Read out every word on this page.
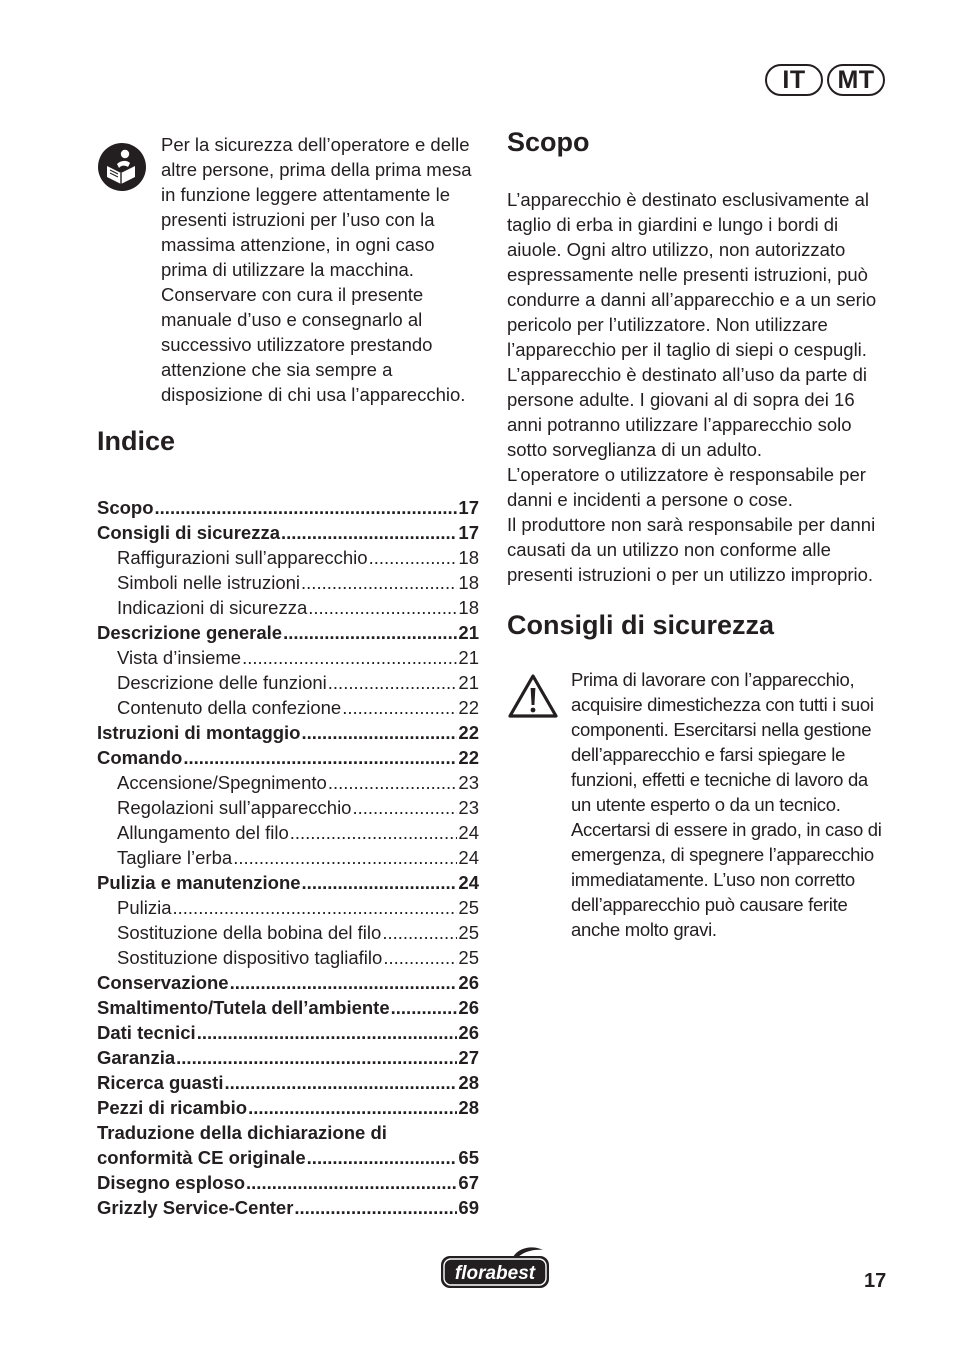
IT	MT
Per la sicurezza dell’operatore e delle altre persone, prima della prima mesa in funzione leggere attentamente le presenti istruzioni per l’uso con la massima attenzione, in ogni caso prima di utilizzare la macchina. Conservare con cura il presente manuale d’uso e consegnarlo al successivo utilizzatore prestando attenzione che sia sempre a disposizione di chi usa l’apparecchio.
Indice
Scopo .....	17
Consigli di sicurezza .....	17
Raffigurazioni sull’apparecchio .....	18
Simboli nelle istruzioni .....	18
Indicazioni di sicurezza .....	18
Descrizione generale .....	21
Vista d’insieme .....	21
Descrizione delle funzioni .....	21
Contenuto della confezione .....	22
Istruzioni di montaggio .....	22
Comando .....	22
Accensione/Spegnimento .....	23
Regolazioni sull’apparecchio .....	23
Allungamento del filo .....	24
Tagliare l’erba .....	24
Pulizia e manutenzione .....	24
Pulizia .....	25
Sostituzione della bobina del filo .....	25
Sostituzione dispositivo tagliafilo .....	25
Conservazione .....	26
Smaltimento/Tutela dell’ambiente .....	26
Dati tecnici .....	26
Garanzia .....	27
Ricerca guasti .....	28
Pezzi di ricambio .....	28
Traduzione della dichiarazione di
conformità CE originale .....	65
Disegno esploso .....	67
Grizzly Service-Center .....	69
Scopo

L’apparecchio è destinato esclusivamente al taglio di erba in giardini e lungo i bordi di aiuole. Ogni altro utilizzo, non autorizzato espressamente nelle presenti istruzioni, può condurre a danni all’apparecchio e a un serio pericolo per l’utilizzatore. Non utilizzare l’apparecchio per il taglio di siepi o cespugli.

L’apparecchio è destinato all’uso da parte di persone adulte. I giovani al di sopra dei 16 anni potranno utilizzare l’apparecchio solo sotto sorveglianza di un adulto.

L’operatore o utilizzatore è responsabile per danni e incidenti a persone o cose.

Il produttore non sarà responsabile per danni causati da un utilizzo non conforme alle presenti istruzioni o per un utilizzo improprio.

Consigli di sicurezza
Prima di lavorare con l’apparecchio, acquisire dimestichezza con tutti i suoi componenti. Esercitarsi nella gestione dell’apparecchio e farsi spiegare le funzioni, effetti e tecniche di lavoro da un utente esperto o da un tecnico. Accertarsi di essere in grado, in caso di emergenza, di spegnere l’apparecchio immediatamente. L’uso non corretto dell’apparecchio può causare ferite anche molto gravi.
florabest	17
